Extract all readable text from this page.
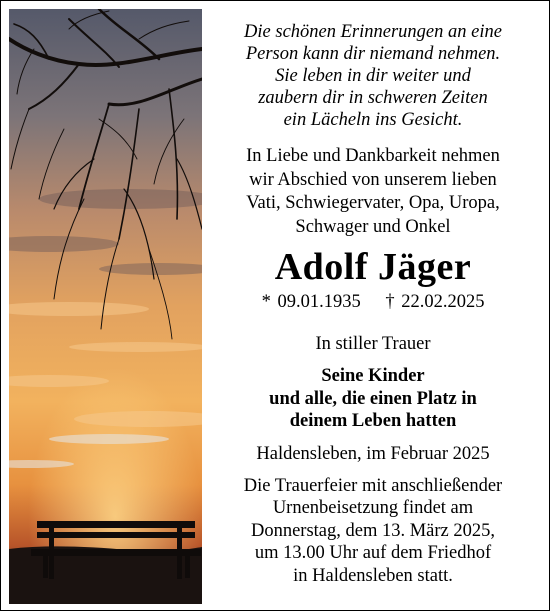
Die schönen Erinnerungen an eine
Person kann dir niemand nehmen.
Sie leben in dir weiter und
zaubern dir in schweren Zeiten
ein Lächeln ins Gesicht.
In Liebe und Dankbarkeit nehmen
wir Abschied von unserem lieben
Vati, Schwiegervater, Opa, Uropa,
Schwager und Onkel
Adolf Jäger
* 09.01.1935 † 22.02.2025
In stiller Trauer
Seine Kinder
und alle, die einen Platz in
deinem Leben hatten
Haldensleben, im Februar 2025
Die Trauerfeier mit anschließender
Urnenbeisetzung findet am
Donnerstag, dem 13. März 2025,
um 13.00 Uhr auf dem Friedhof
in Haldensleben statt.
